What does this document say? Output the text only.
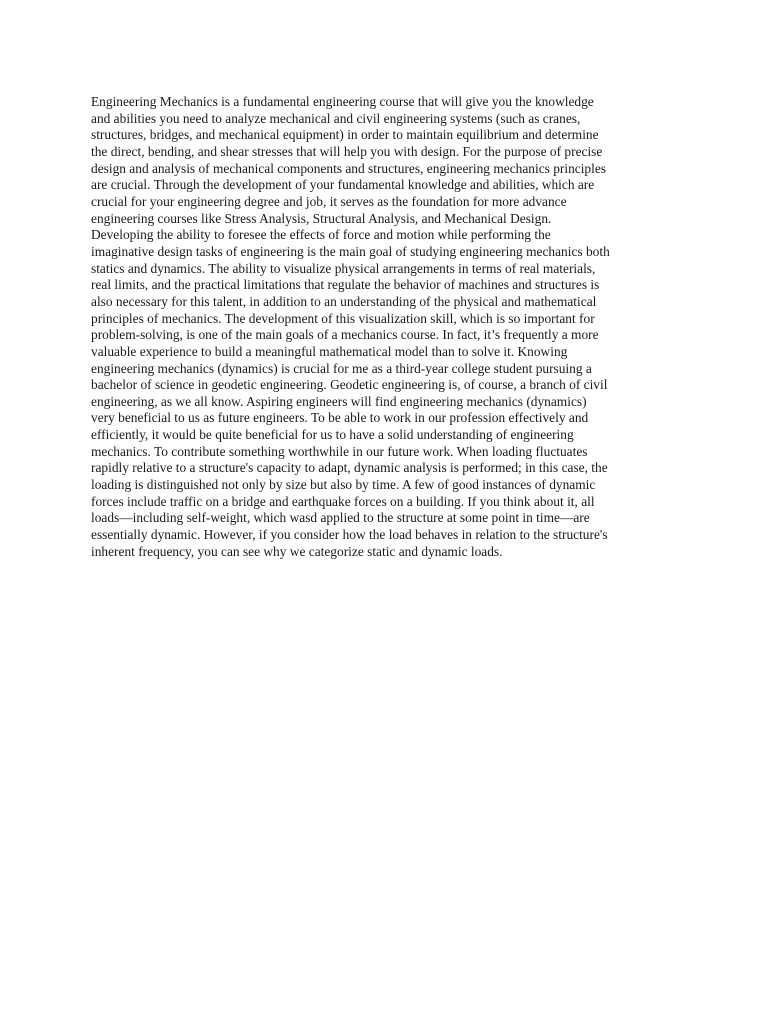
Engineering Mechanics is a fundamental engineering course that will give you the knowledge
and abilities you need to analyze mechanical and civil engineering systems (such as cranes,
structures, bridges, and mechanical equipment) in order to maintain equilibrium and determine
the direct, bending, and shear stresses that will help you with design. For the purpose of precise
design and analysis of mechanical components and structures, engineering mechanics principles
are crucial. Through the development of your fundamental knowledge and abilities, which are
crucial for your engineering degree and job, it serves as the foundation for more advance
engineering courses like Stress Analysis, Structural Analysis, and Mechanical Design.
Developing the ability to foresee the effects of force and motion while performing the
imaginative design tasks of engineering is the main goal of studying engineering mechanics both
statics and dynamics. The ability to visualize physical arrangements in terms of real materials,
real limits, and the practical limitations that regulate the behavior of machines and structures is
also necessary for this talent, in addition to an understanding of the physical and mathematical
principles of mechanics. The development of this visualization skill, which is so important for
problem-solving, is one of the main goals of a mechanics course. In fact, it’s frequently a more
valuable experience to build a meaningful mathematical model than to solve it. Knowing
engineering mechanics (dynamics) is crucial for me as a third-year college student pursuing a
bachelor of science in geodetic engineering. Geodetic engineering is, of course, a branch of civil
engineering, as we all know. Aspiring engineers will find engineering mechanics (dynamics)
very beneficial to us as future engineers. To be able to work in our profession effectively and
efficiently, it would be quite beneficial for us to have a solid understanding of engineering
mechanics. To contribute something worthwhile in our future work. When loading fluctuates
rapidly relative to a structure's capacity to adapt, dynamic analysis is performed; in this case, the
loading is distinguished not only by size but also by time. A few of good instances of dynamic
forces include traffic on a bridge and earthquake forces on a building. If you think about it, all
loads—including self-weight, which wasd applied to the structure at some point in time—are
essentially dynamic. However, if you consider how the load behaves in relation to the structure's
inherent frequency, you can see why we categorize static and dynamic loads.
